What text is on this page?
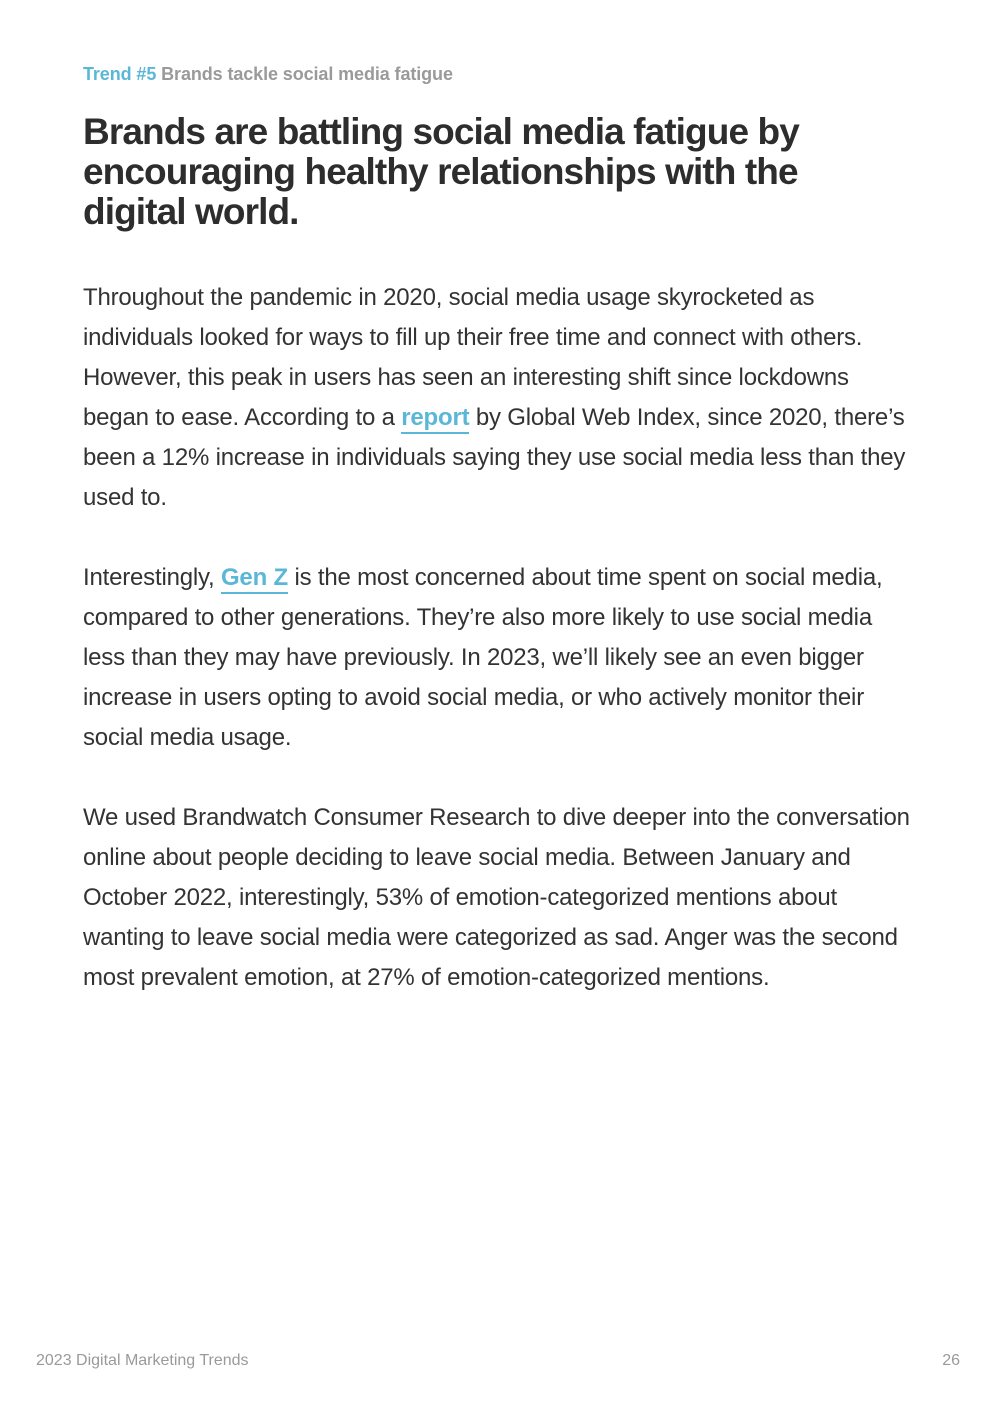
Trend #5 Brands tackle social media fatigue
Brands are battling social media fatigue by encouraging healthy relationships with the digital world.

Throughout the pandemic in 2020, social media usage skyrocketed as individuals looked for ways to fill up their free time and connect with others. However, this peak in users has seen an interesting shift since lockdowns began to ease. According to a report by Global Web Index, since 2020, there’s been a 12% increase in individuals saying they use social media less than they used to.

Interestingly, Gen Z is the most concerned about time spent on social media, compared to other generations. They’re also more likely to use social media less than they may have previously. In 2023, we’ll likely see an even bigger increase in users opting to avoid social media, or who actively monitor their social media usage.

We used Brandwatch Consumer Research to dive deeper into the conversation online about people deciding to leave social media. Between January and October 2022, interestingly, 53% of emotion-categorized mentions about wanting to leave social media were categorized as sad. Anger was the second most prevalent emotion, at 27% of emotion-categorized mentions.

2023 Digital Marketing Trends	26
